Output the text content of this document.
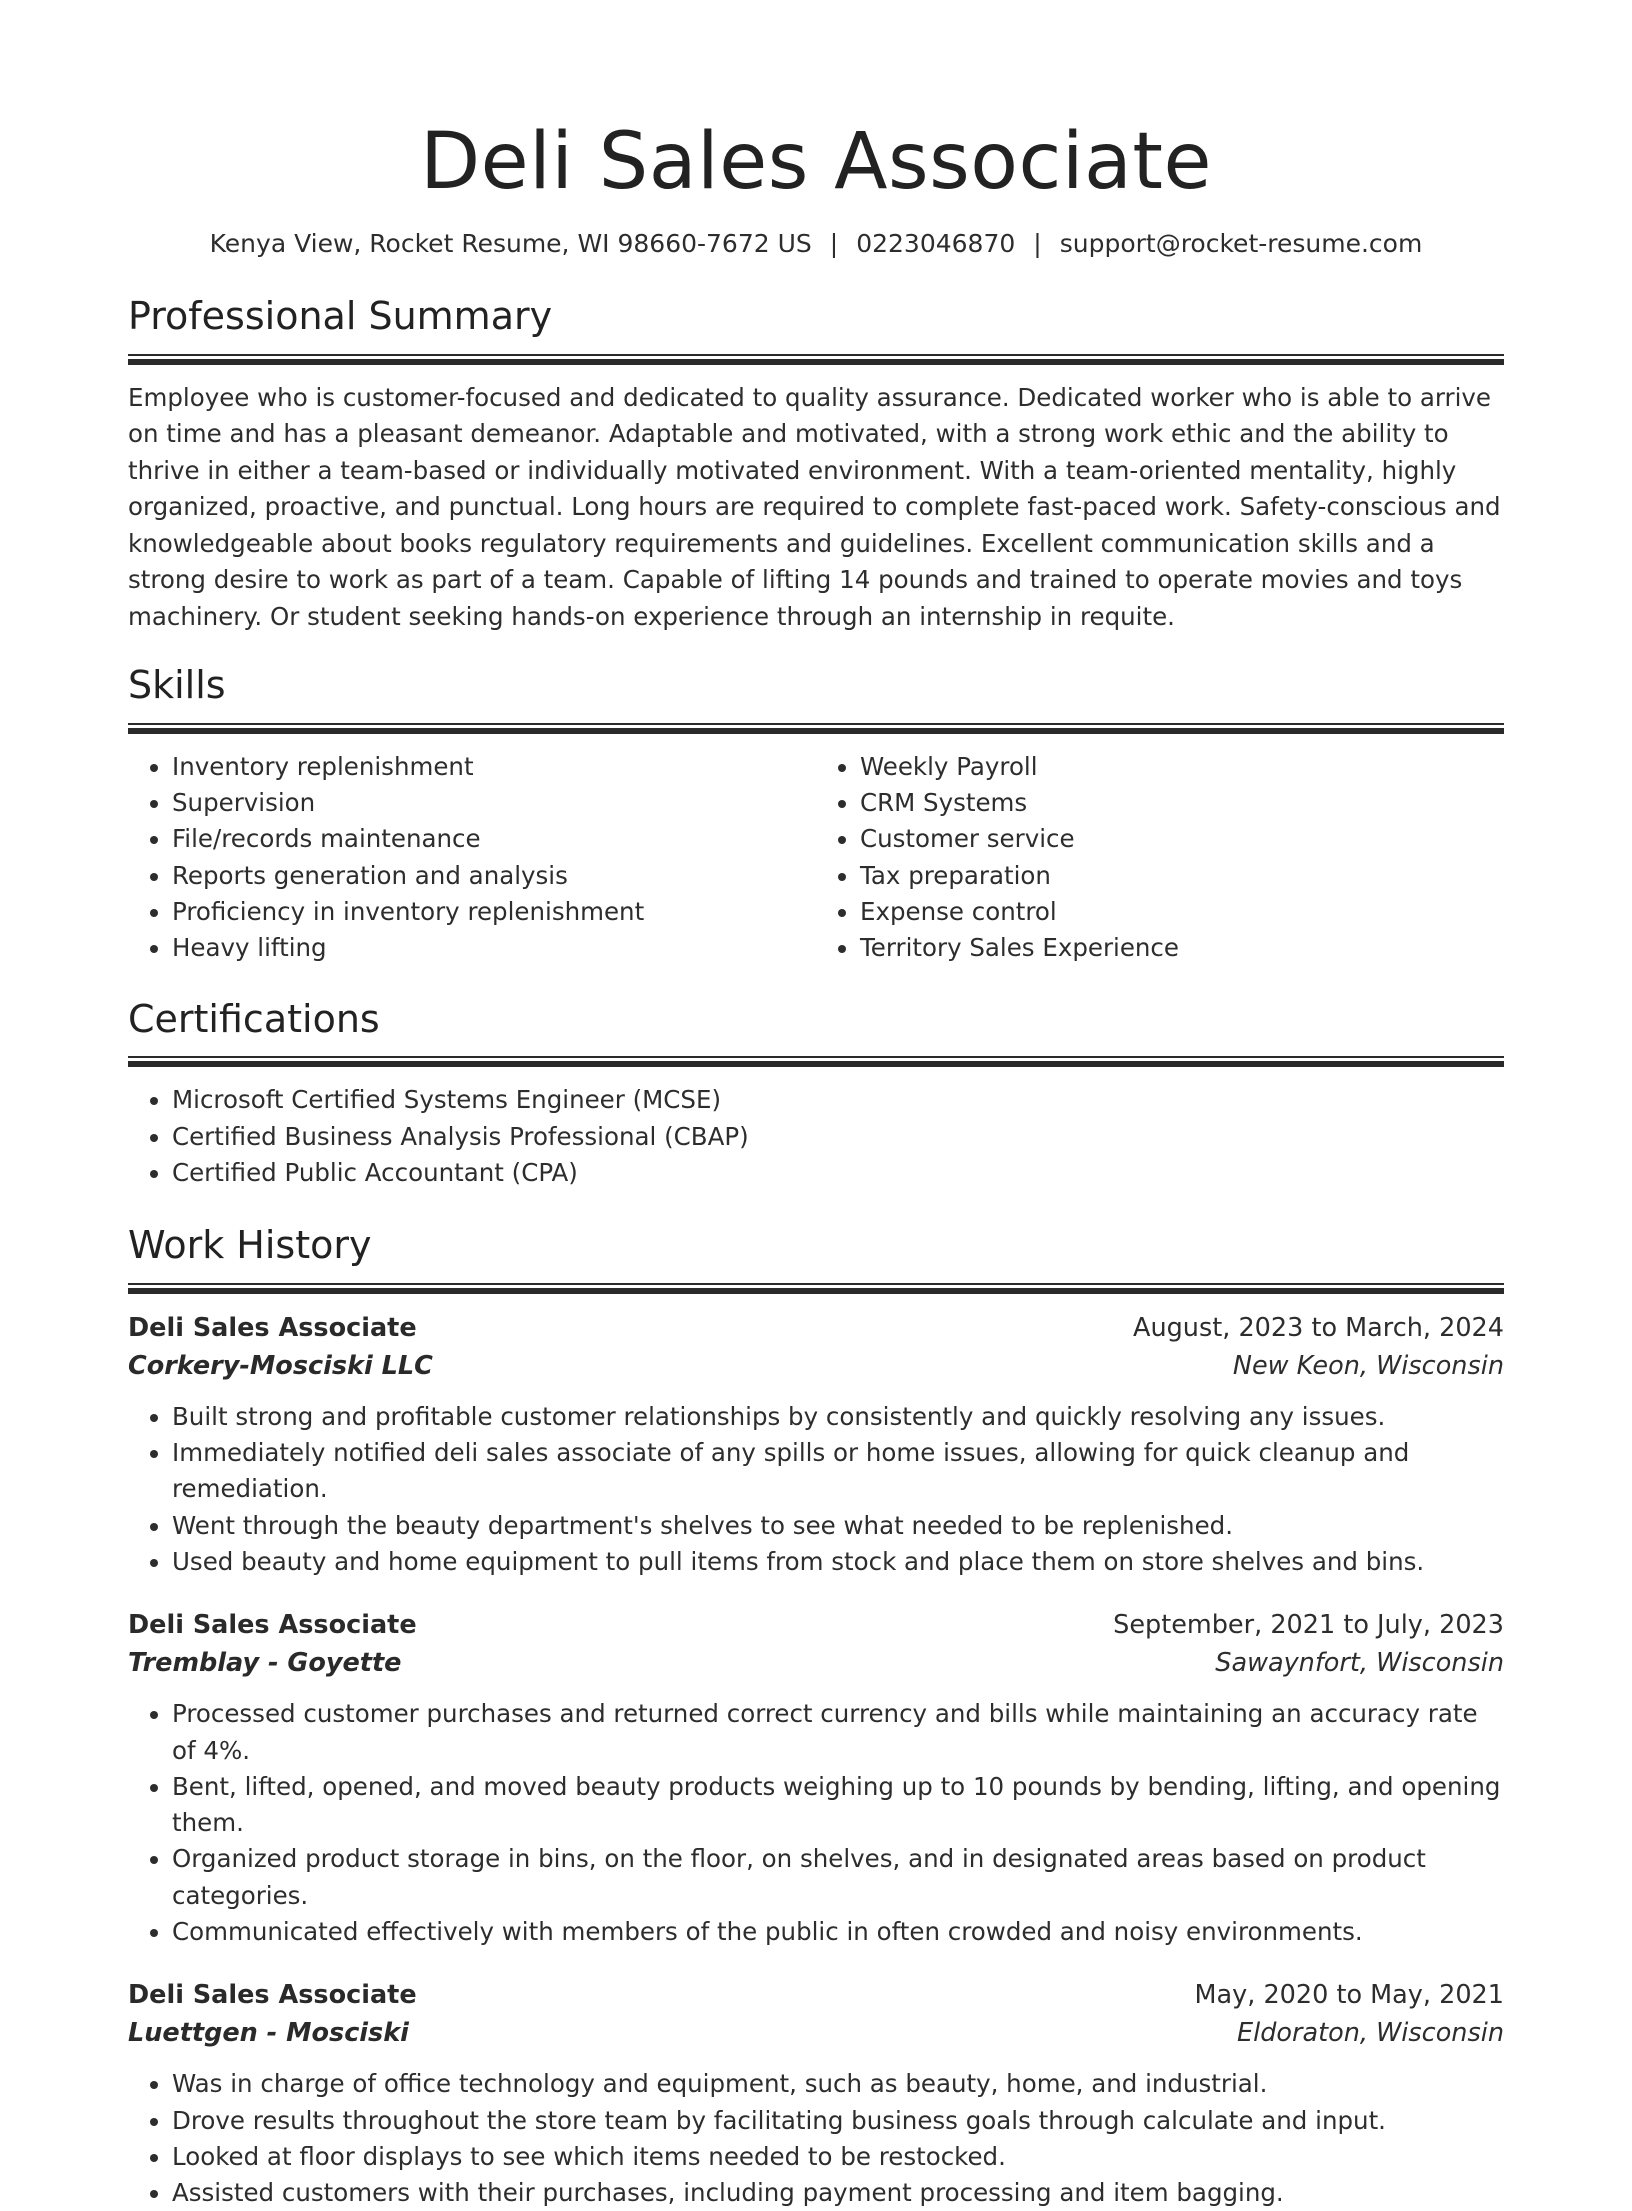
Deli Sales Associate
Kenya View, Rocket Resume, WI 98660-7672 US | 0223046870 | support@rocket-resume.com
Professional Summary

Employee who is customer-focused and dedicated to quality assurance. Dedicated worker who is able to arrive on time and has a pleasant demeanor. Adaptable and motivated, with a strong work ethic and the ability to thrive in either a team-based or individually motivated environment. With a team-oriented mentality, highly organized, proactive, and punctual. Long hours are required to complete fast-paced work. Safety-conscious and knowledgeable about books regulatory requirements and guidelines. Excellent communication skills and a strong desire to work as part of a team. Capable of lifting 14 pounds and trained to operate movies and toys machinery. Or student seeking hands-on experience through an internship in requite.

Skills
• Inventory replenishment
• Supervision
• File/records maintenance
• Reports generation and analysis
• Proficiency in inventory replenishment
• Heavy lifting
• Weekly Payroll
• CRM Systems
• Customer service
• Tax preparation
• Expense control
• Territory Sales Experience
Certifications
• Microsoft Certified Systems Engineer (MCSE)
• Certified Business Analysis Professional (CBAP)
• Certified Public Accountant (CPA)
Work History
Deli Sales Associate	August, 2023 to March, 2024
Corkery-Mosciski LLC	New Keon, Wisconsin
• Built strong and profitable customer relationships by consistently and quickly resolving any issues.
• Immediately notified deli sales associate of any spills or home issues, allowing for quick cleanup and remediation.
• Went through the beauty department's shelves to see what needed to be replenished.
• Used beauty and home equipment to pull items from stock and place them on store shelves and bins.
Deli Sales Associate	September, 2021 to July, 2023
Tremblay - Goyette	Sawaynfort, Wisconsin
• Processed customer purchases and returned correct currency and bills while maintaining an accuracy rate of 4%.
• Bent, lifted, opened, and moved beauty products weighing up to 10 pounds by bending, lifting, and opening them.
• Organized product storage in bins, on the floor, on shelves, and in designated areas based on product categories.
• Communicated effectively with members of the public in often crowded and noisy environments.
Deli Sales Associate	May, 2020 to May, 2021
Luettgen - Mosciski	Eldoraton, Wisconsin
• Was in charge of office technology and equipment, such as beauty, home, and industrial.
• Drove results throughout the store team by facilitating business goals through calculate and input.
• Looked at floor displays to see which items needed to be restocked.
• Assisted customers with their purchases, including payment processing and item bagging.
